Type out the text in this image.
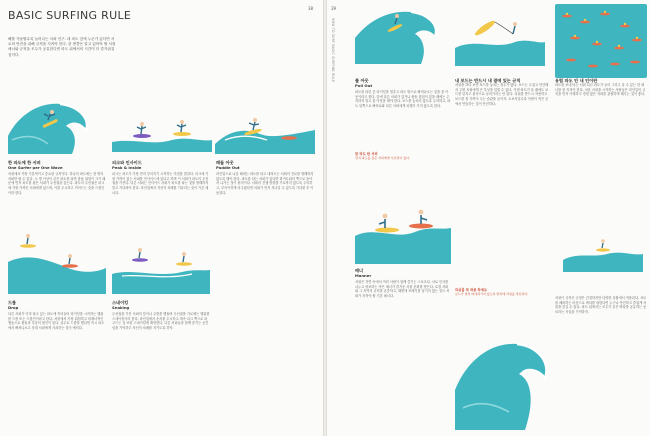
BASIC SURFING RULE
해를 거듭할수록 늘어나는 서퍼 인구. 내 파도 앞에 누군가 있다면 서로의 안전을 위해 규칙을 지켜야 한다. 한 번쯤은 알고 있어야 할 서핑 매너와 규칙을 모두가 공유한다면 파도 위에서의 시간이 더 즐거워질 것이다.
한 파도에 한 서퍼
One Surfer per One Wave

서핑에서 가장 기본적이고 중요한 규칙이다. 하나의 파도에는 한 명의 서퍼만 탈 수 있다. 두 명 이상이 같은 파도를 타면 충돌 위험이 크기 때문에 먼저 파도를 잡은 서퍼가 우선권을 갖는다. 파도의 우선권은 피크에 가장 가까운 서퍼에게 있으며, 이를 무시하고 끼어드는 것을 드롭인이라 한다.

피크와 인사이드
Peak & Inside

피크는 파도가 가장 먼저 부서지기 시작하는 지점을 말한다. 피크에 가장 가까이 있는 서퍼를 인사이드에 있다고 하며 이 서퍼가 파도의 우선권을 가진다. 다른 서퍼는 인사이드 서퍼가 파도를 타는 것을 방해하지 말고 기다려야 한다. 라인업에서 자신의 차례를 기다리는 것이 기본 매너다.

패들 아웃
Paddle Out

라인업으로 나갈 때에는 파도를 타고 내려오는 서퍼의 진로를 방해하지 않도록 해야 한다. 파도를 타는 서퍼가 있다면 화이트워터 쪽으로 돌아서 나가는 것이 원칙이다. 서퍼의 진행 방향을 가로막지 않도록 주의하고, 부득이하게 마주쳤다면 서퍼가 먼저 지나갈 수 있도록 기다린 후 이동한다.

드롭
Drop

다른 서퍼가 이미 타고 있는 파도에 끼어들어 라이딩을 시작하는 행위를 드롭 또는 드롭인이라고 한다. 서핑에서 가장 위험하고 비매너적인 행동으로 충돌과 부상의 원인이 된다. 실수로 드롭을 했다면 즉시 파도에서 빠져나오고 상대 서퍼에게 사과하는 것이 예의다.

스네이킹
Snaking

우선권을 가진 서퍼의 앞이나 주변을 맴돌며 우선권을 가로채는 행위를 스네이킹이라 한다. 라인업에서 순서를 무시하고 계속 피크 쪽으로 파고드는 것 또한 스네이킹에 해당한다. 다른 서퍼들과 함께 즐기는 공간임을 기억하고 자신의 차례를 지키도록 하자.

38	39
HOW TO SURF BASIC SURFING RULE	풀 아웃
Pull Out

파도를 타던 중 라이딩을 멈추고 파도 밖으로 빠져나오는 것을 풀 아웃이라고 한다. 앞에 다른 서퍼가 있거나 충돌 위험이 있을 때에는 주저하지 말고 풀 아웃을 해야 한다. 보드를 놓치지 않도록 주의하고, 파도 뒤쪽으로 빠져나와 다른 서퍼에게 피해가 가지 않도록 한다.

한 파도 한 서퍼
먼저 파도를 잡은 서퍼에게 우선권이 있다.
내 보드는 반드시 내 곁에 있는 규칙

서핑을 하다 보면 보드를 놓치는 경우가 많다. 보드는 무겁고 단단해서 주변 서퍼에게 큰 부상을 입힐 수 있다. 거센 파도가 올 때에도 보드를 던지고 물속으로 들어가서는 안 된다. 리쉬를 반드시 착용하고 보드를 몸 가까이 두는 습관을 들이자. 초보자일수록 사람이 적은 곳에서 연습하는 것이 안전하다.

유럽 파도 안 내 인이란

파도를 보내 타는 서퍼 다른 파도가 들어 그리고 올 수 있는 한 매너를 잘 지켜야 한다. 처음 서핑을 시작하는 사람들은 라인업의 규칙을 먼저 이해하고 경험 많은 서퍼를 관찰하며 배우는 것이 좋다.

매너
Manner

서핑은 자연 속에서 여러 사람이 함께 즐기는 스포츠다. 서로 인사를 나누고 양보하는 작은 매너가 즐거운 서핑 문화를 만든다. 로컬 서퍼와 그 지역의 규칙을 존중하고, 해변에 쓰레기를 남기지 않는 것도 서퍼가 지켜야 할 기본 매너다.

리쉬를 꼭 착용 하세요
보드가 멀리 떠내려가지 않도록 발목에 리쉬를 착용한다.

서핑이 규칙은 규정은 간결하지만 다양한 상황에서 적용된다. 서로를 배려하는 마음으로 바다를 대한다면 누구나 안전하고 즐겁게 서핑을 즐길 수 있다. 파도 위에서는 모두가 같은 바다를 공유하는 동료라는 사실을 기억하자.
